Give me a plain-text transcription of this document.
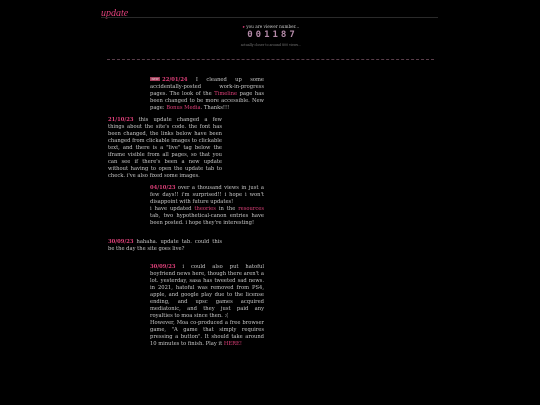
update
▸ you are viewer number...
0 0 1 1 8 7
actually closer to around 800 views...

new 22/01/24 I cleaned up some accidentally-posted work-in-progress pages. The look of the Timeline page has been changed to be more accessible. New page: Bonus Media. Thanks!!!

21/10/23 this update changed a few things about the site's code. the font has been changed, the links below have been changed from clickable images to clickable text, and there is a "live" tag below the iframe visible from all pages, so that you can see if there's been a new update without having to open the update tab to check. i've also fixed some images.

04/10/23 over a thousand views in just a few days!! i'm surprised!! i hope i won't disappoint with future updates!
i have updated theories in the resources tab, two hypothetical-canon entries have been posted. i hope they're interesting!

30/09/23 hahaha. update tab. could this be the day the site goes live?

30/09/23 i could also put hatoful boyfriend news here, though there aren't a lot. yesterday, sasa has tweeted sad news. in 2021, hatoful was removed from PS4, apple, and google play due to the license ending, and upsc games acquired mediatonic, and they just paid any royalties to moa since then. :(
However, Moa co-produced a free browser game, "A game that simply requires pressing a button". It should take around 10 minutes to finish. Play it HERE!
